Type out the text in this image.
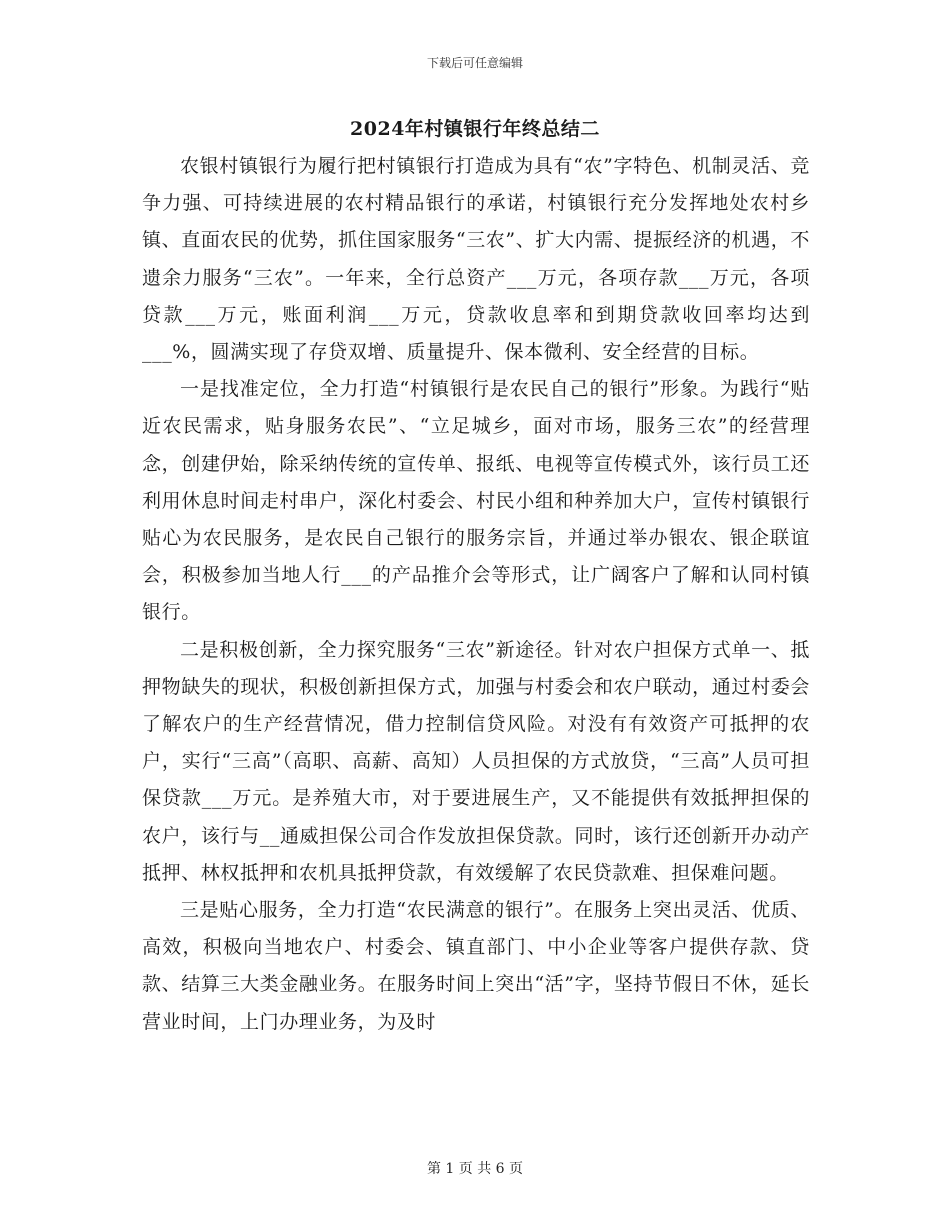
下载后可任意编辑
2024年村镇银行年终总结二

农银村镇银行为履行把村镇银行打造成为具有“农”字特色、机制灵活、竞争力强、可持续进展的农村精品银行的承诺，村镇银行充分发挥地处农村乡镇、直面农民的优势，抓住国家服务“三农”、扩大内需、提振经济的机遇，不遗余力服务“三农”。一年来，全行总资产___万元，各项存款___万元，各项贷款___万元，账面利润___万元，贷款收息率和到期贷款收回率均达到___%，圆满实现了存贷双增、质量提升、保本微利、安全经营的目标。

一是找准定位，全力打造“村镇银行是农民自己的银行”形象。为践行“贴近农民需求，贴身服务农民”、“立足城乡，面对市场，服务三农”的经营理念，创建伊始，除采纳传统的宣传单、报纸、电视等宣传模式外，该行员工还利用休息时间走村串户，深化村委会、村民小组和种养加大户，宣传村镇银行贴心为农民服务，是农民自己银行的服务宗旨，并通过举办银农、银企联谊会，积极参加当地人行___的产品推介会等形式，让广阔客户了解和认同村镇银行。

二是积极创新，全力探究服务“三农”新途径。针对农户担保方式单一、抵押物缺失的现状，积极创新担保方式，加强与村委会和农户联动，通过村委会了解农户的生产经营情况，借力控制信贷风险。对没有有效资产可抵押的农户，实行“三高”（高职、高薪、高知）人员担保的方式放贷，“三高”人员可担保贷款___万元。是养殖大市，对于要进展生产，又不能提供有效抵押担保的农户，该行与__通威担保公司合作发放担保贷款。同时，该行还创新开办动产抵押、林权抵押和农机具抵押贷款，有效缓解了农民贷款难、担保难问题。

三是贴心服务，全力打造“农民满意的银行”。在服务上突出灵活、优质、高效，积极向当地农户、村委会、镇直部门、中小企业等客户提供存款、贷款、结算三大类金融业务。在服务时间上突出“活”字，坚持节假日不休，延长营业时间，上门办理业务，为及时

第 1 页 共 6 页
